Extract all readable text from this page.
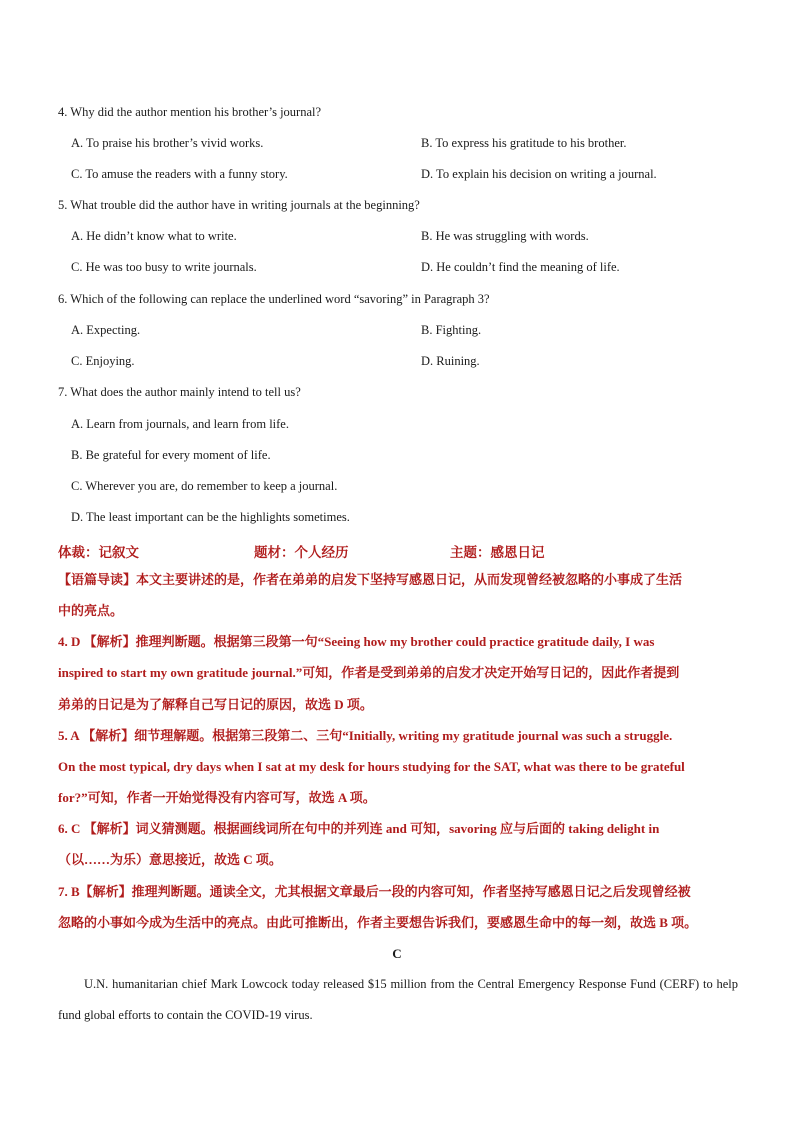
4. Why did the author mention his brother’s journal?
A. To praise his brother’s vivid works.	B. To express his gratitude to his brother.
C. To amuse the readers with a funny story.	D. To explain his decision on writing a journal.
5. What trouble did the author have in writing journals at the beginning?
A. He didn’t know what to write.	B. He was struggling with words.
C. He was too busy to write journals.	D. He couldn’t find the meaning of life.
6. Which of the following can replace the underlined word “savoring” in Paragraph 3?
A. Expecting.	B. Fighting.
C. Enjoying.	D. Ruining.
7. What does the author mainly intend to tell us?
A. Learn from journals, and learn from life.
B. Be grateful for every moment of life.
C. Wherever you are, do remember to keep a journal.
D. The least important can be the highlights sometimes.
体裁：记叙文	题材：个人经历	主题：感恩日记
【语篇导读】本文主要讲述的是，作者在弟弟的启发下坚持写感恩日记，从而发现曾经被忽略的小事成了生活
中的亮点。
4. D 【解析】推理判断题。根据第三段第一句“Seeing how my brother could practice gratitude daily, I was
inspired to start my own gratitude journal.”可知，作者是受到弟弟的启发才决定开始写日记的，因此作者提到
弟弟的日记是为了解释自己写日记的原因，故选 D 项。
5. A 【解析】细节理解题。根据第三段第二、三句“Initially, writing my gratitude journal was such a struggle.
On the most typical, dry days when I sat at my desk for hours studying for the SAT, what was there to be grateful
for?”可知，作者一开始觉得没有内容可写，故选 A 项。
6. C 【解析】词义猜测题。根据画线词所在句中的并列连 and 可知，savoring 应与后面的 taking delight in
（以……为乐）意思接近，故选 C 项。
7. B【解析】推理判断题。通读全文，尤其根据文章最后一段的内容可知，作者坚持写感恩日记之后发现曾经被
忽略的小事如今成为生活中的亮点。由此可推断出，作者主要想告诉我们，要感恩生命中的每一刻，故选 B 项。
C
U.N. humanitarian chief Mark Lowcock today released $15 million from the Central Emergency Response Fund (CERF) to help fund global efforts to contain the COVID-19 virus.
